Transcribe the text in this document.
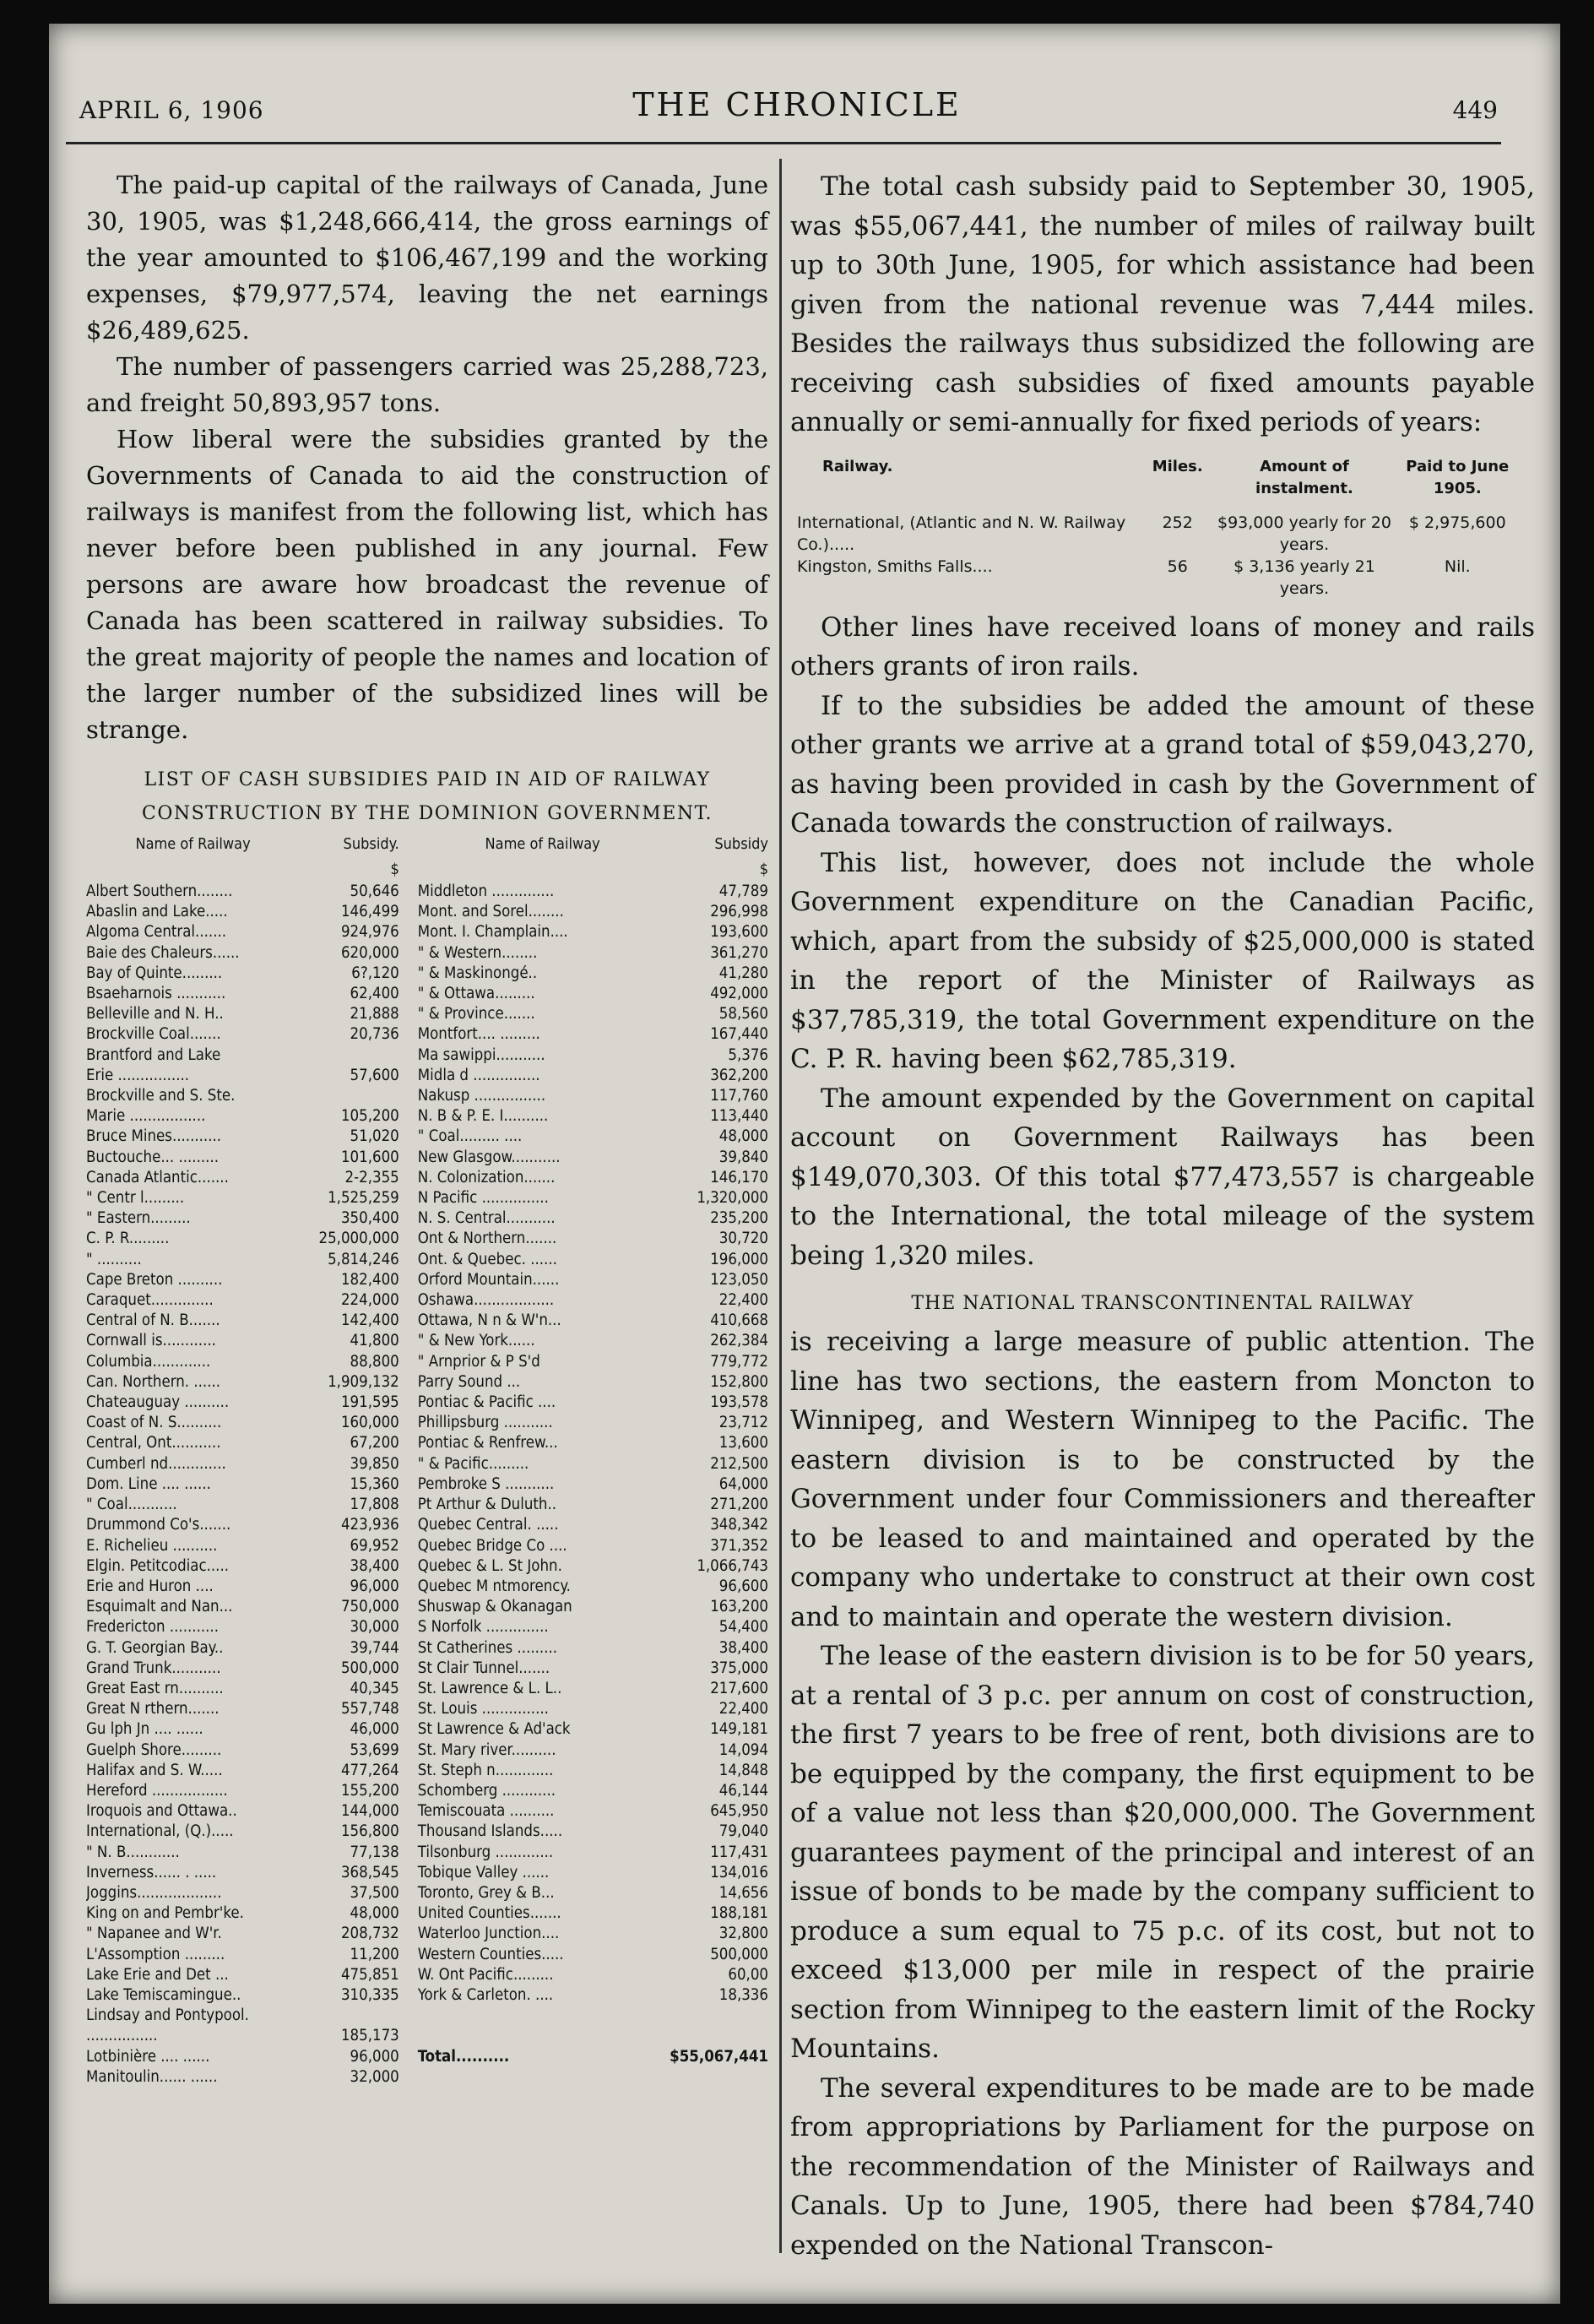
APRIL 6, 1906	THE CHRONICLE	449

The paid-up capital of the railways of Canada, June 30, 1905, was $1,248,666,414, the gross earnings of the year amounted to $106,467,199 and the working expenses, $79,977,574, leaving the net earnings $26,489,625.

The number of passengers carried was 25,288,723, and freight 50,893,957 tons.

How liberal were the subsidies granted by the Governments of Canada to aid the construction of railways is manifest from the following list, which has never before been published in any journal. Few persons are aware how broadcast the revenue of Canada has been scattered in railway subsidies. To the great majority of people the names and location of the larger number of the subsidized lines will be strange.

LIST OF CASH SUBSIDIES PAID IN AID OF RAILWAY
CONSTRUCTION BY THE DOMINION GOVERNMENT.
Name of Railway	Subsidy.	Name of Railway	Subsidy
	$		$
Albert Southern........	50,646	Middleton ..............	47,789
Abaslin and Lake.....	146,499	Mont. and Sorel........	296,998
Algoma Central.......	924,976	Mont. I. Champlain....	193,600
Baie des Chaleurs......	620,000	" & Western........	361,270
Bay of Quinte.........	6?,120	" & Maskinongé..	41,280
Bsaeharnois ...........	62,400	" & Ottawa.........	492,000
Belleville and N. H..	21,888	" & Province.......	58,560
Brockville Coal.......	20,736	Montfort.... .........	167,440
Brantford and Lake		Ma sawippi...........	5,376
Erie ................	57,600	Midla d ...............	362,200
Brockville and S. Ste.		Nakusp ................	117,760
Marie .................	105,200	N. B & P. E. I..........	113,440
Bruce Mines...........	51,020	" Coal......... ....	48,000
Buctouche... .........	101,600	New Glasgow...........	39,840
Canada Atlantic.......	2-2,355	N. Colonization.......	146,170
" Centr l.........	1,525,259	N Pacific ...............	1,320,000
" Eastern.........	350,400	N. S. Central...........	235,200
C. P. R.........	25,000,000	Ont & Northern.......	30,720
" ..........	5,814,246	Ont. & Quebec. ......	196,000
Cape Breton ..........	182,400	Orford Mountain......	123,050
Caraquet..............	224,000	Oshawa..................	22,400
Central of N. B.......	142,400	Ottawa, N n & W'n...	410,668
Cornwall is............	41,800	" & New York......	262,384
Columbia.............	88,800	" Arnprior & P S'd	779,772
Can. Northern. ......	1,909,132	Parry Sound ...	152,800
Chateauguay ..........	191,595	Pontiac & Pacific ....	193,578
Coast of N. S..........	160,000	Phillipsburg ...........	23,712
Central, Ont...........	67,200	Pontiac & Renfrew...	13,600
Cumberl nd.............	39,850	" & Pacific.........	212,500
Dom. Line .... ......	15,360	Pembroke S ...........	64,000
" Coal...........	17,808	Pt Arthur & Duluth..	271,200
Drummond Co's.......	423,936	Quebec Central. .....	348,342
E. Richelieu ..........	69,952	Quebec Bridge Co ....	371,352
Elgin. Petitcodiac.....	38,400	Quebec & L. St John.	1,066,743
Erie and Huron ....	96,000	Quebec M ntmorency.	96,600
Esquimalt and Nan...	750,000	Shuswap & Okanagan	163,200
Fredericton ...........	30,000	S Norfolk ..............	54,400
G. T. Georgian Bay..	39,744	St Catherines .........	38,400
Grand Trunk...........	500,000	St Clair Tunnel.......	375,000
Great East rn..........	40,345	St. Lawrence & L. L..	217,600
Great N rthern.......	557,748	St. Louis ...............	22,400
Gu lph Jn .... ......	46,000	St Lawrence & Ad'ack	149,181
Guelph Shore.........	53,699	St. Mary river..........	14,094
Halifax and S. W.....	477,264	St. Steph n.............	14,848
Hereford .................	155,200	Schomberg ............	46,144
Iroquois and Ottawa..	144,000	Temiscouata ..........	645,950
International, (Q.).....	156,800	Thousand Islands.....	79,040
" N. B............	77,138	Tilsonburg .............	117,431
Inverness...... . .....	368,545	Tobique Valley ......	134,016
Joggins...................	37,500	Toronto, Grey & B...	14,656
King on and Pembr'ke.	48,000	United Counties.......	188,181
" Napanee and W'r.	208,732	Waterloo Junction....	32,800
L'Assomption .........	11,200	Western Counties.....	500,000
Lake Erie and Det ...	475,851	W. Ont Pacific.........	60,00
Lake Temiscamingue..	310,335	York & Carleton. ....	18,336
Lindsay and Pontypool.			
................	185,173		
Lotbinière .... ......	96,000	Total..........	$55,067,441
Manitoulin...... ......	32,000		

The total cash subsidy paid to September 30, 1905, was $55,067,441, the number of miles of railway built up to 30th June, 1905, for which assistance had been given from the national revenue was 7,444 miles. Besides the railways thus subsidized the following are receiving cash subsidies of fixed amounts payable annually or semi-annually for fixed periods of years:

Railway.	Miles.	Amount of instalment.	Paid to June 1905.
International, (Atlantic and N. W. Railway Co.).....	252	$93,000 yearly for 20 years.	$ 2,975,600
Kingston, Smiths Falls....	56	$ 3,136 yearly 21 years.	Nil.

Other lines have received loans of money and rails others grants of iron rails.

If to the subsidies be added the amount of these other grants we arrive at a grand total of $59,043,270, as having been provided in cash by the Government of Canada towards the construction of railways.

This list, however, does not include the whole Government expenditure on the Canadian Pacific, which, apart from the subsidy of $25,000,000 is stated in the report of the Minister of Railways as $37,785,319, the total Government expenditure on the C. P. R. having been $62,785,319.

The amount expended by the Government on capital account on Government Railways has been $149,070,303. Of this total $77,473,557 is chargeable to the International, the total mileage of the system being 1,320 miles.

THE NATIONAL TRANSCONTINENTAL RAILWAY

is receiving a large measure of public attention. The line has two sections, the eastern from Moncton to Winnipeg, and Western Winnipeg to the Pacific. The eastern division is to be constructed by the Government under four Commissioners and thereafter to be leased to and maintained and operated by the company who undertake to construct at their own cost and to maintain and operate the western division.

The lease of the eastern division is to be for 50 years, at a rental of 3 p.c. per annum on cost of construction, the first 7 years to be free of rent, both divisions are to be equipped by the company, the first equipment to be of a value not less than $20,000,000. The Government guarantees payment of the principal and interest of an issue of bonds to be made by the company sufficient to produce a sum equal to 75 p.c. of its cost, but not to exceed $13,000 per mile in respect of the prairie section from Winnipeg to the eastern limit of the Rocky Mountains.

The several expenditures to be made are to be made from appropriations by Parliament for the purpose on the recommendation of the Minister of Railways and Canals. Up to June, 1905, there had been $784,740 expended on the National Transcon-
